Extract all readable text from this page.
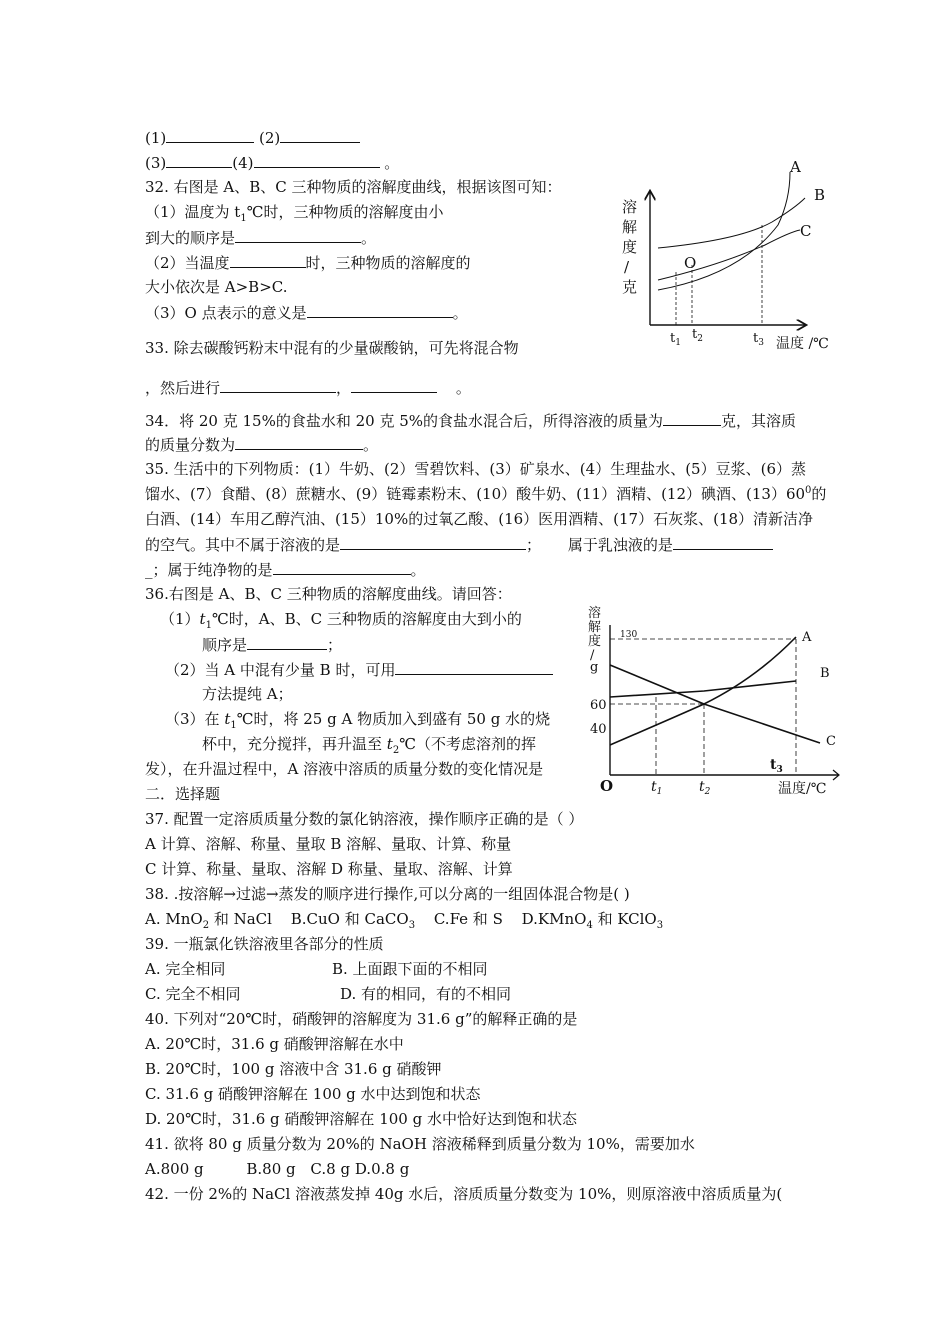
(1)	(2)
(3)	(4)	。
32. 右图是 A、B、C 三种物质的溶解度曲线，根据该图可知：
（1）温度为 $t_1℃$时，三种物质的溶解度由小
到大的顺序是	。
（2）当温度	时，三种物质的溶解度的
大小依次是 A>B>C.
（3）O 点表示的意义是	。
溶
解
度
/
克
A
B
C
O
$t_1$
$t_2$	$t_3$ 温度 /℃
33. 除去碳酸钙粉末中混有的少量碳酸钠，可先将混合物
，然后进行	，	。
34．将 20 克 15%的食盐水和 20 克 5%的食盐水混合后，所得溶液的质量为	克，其溶质
的质量分数为	。
35. 生活中的下列物质：(1）牛奶、(2）雪碧饮料、(3）矿泉水、(4）生理盐水、(5）豆浆、(6）蒸
馏水、(7）食醋、(8）蔗糖水、(9）链霉素粉末、(10）酸牛奶、(11）酒精、(12）碘酒、$(13)60^0$的
白酒、(14）车用乙醇汽油、(15）10%的过氧乙酸、(16）医用酒精、(17）石灰浆、(18）清新洁净
的空气。其中不属于溶液的是	； 属于乳浊液的是
_；属于纯净物的是	。
36.右图是 A、B、C 三种物质的溶解度曲线。请回答：
$(1)t_1℃$时，A、B、C 三种物质的溶解度由大到小的
顺序是	；
（2）当 A 中混有少量 B 时，可用
方法提纯 A；
（3）在 $t_1℃$时，将 25 g A 物质加入到盛有 50 g 水的烧
杯中，充分搅拌，再升温至 $t_2℃$（不考虑溶剂的挥
发），在升温过程中，A 溶液中溶质的质量分数的变化情况是
溶
解
度
/
g
130
60
40
O
A
B
C
$t_1$	$t_2$
$t_3$
温度/℃
二．选择题
37. 配置一定溶质质量分数的氯化钠溶液，操作顺序正确的是（ ）
A 计算、溶解、称量、量取 B 溶解、量取、计算、称量
C 计算、称量、量取、溶解 D 称量、量取、溶解、计算
38. .按溶解→过滤→蒸发的顺序进行操作,可以分离的一组固体混合物是( )
A. MnO$_2$ 和 NaCl B.CuO 和 CaCO$_3$ C.Fe 和 S D.KMnO$_4$ 和 KClO$_3$
39. 一瓶氯化铁溶液里各部分的性质
A. 完全相同	B. 上面跟下面的不相同
C. 完全不相同	D. 有的相同，有的不相同
40. 下列对“20℃时，硝酸钾的溶解度为 31.6 g”的解释正确的是
A. 20℃时，31.6 g 硝酸钾溶解在水中
B. 20℃时，100 g 溶液中含 31.6 g 硝酸钾
C. 31.6 g 硝酸钾溶解在 100 g 水中达到饱和状态
D. 20℃时，31.6 g 硝酸钾溶解在 100 g 水中恰好达到饱和状态
41. 欲将 80 g 质量分数为 20%的 NaOH 溶液稀释到质量分数为 10%，需要加水
A.800 g	B.80 g C.8 g D.0.8 g
42. 一份 2%的 NaCl 溶液蒸发掉 40g 水后，溶质质量分数变为 10%，则原溶液中溶质质量为(
